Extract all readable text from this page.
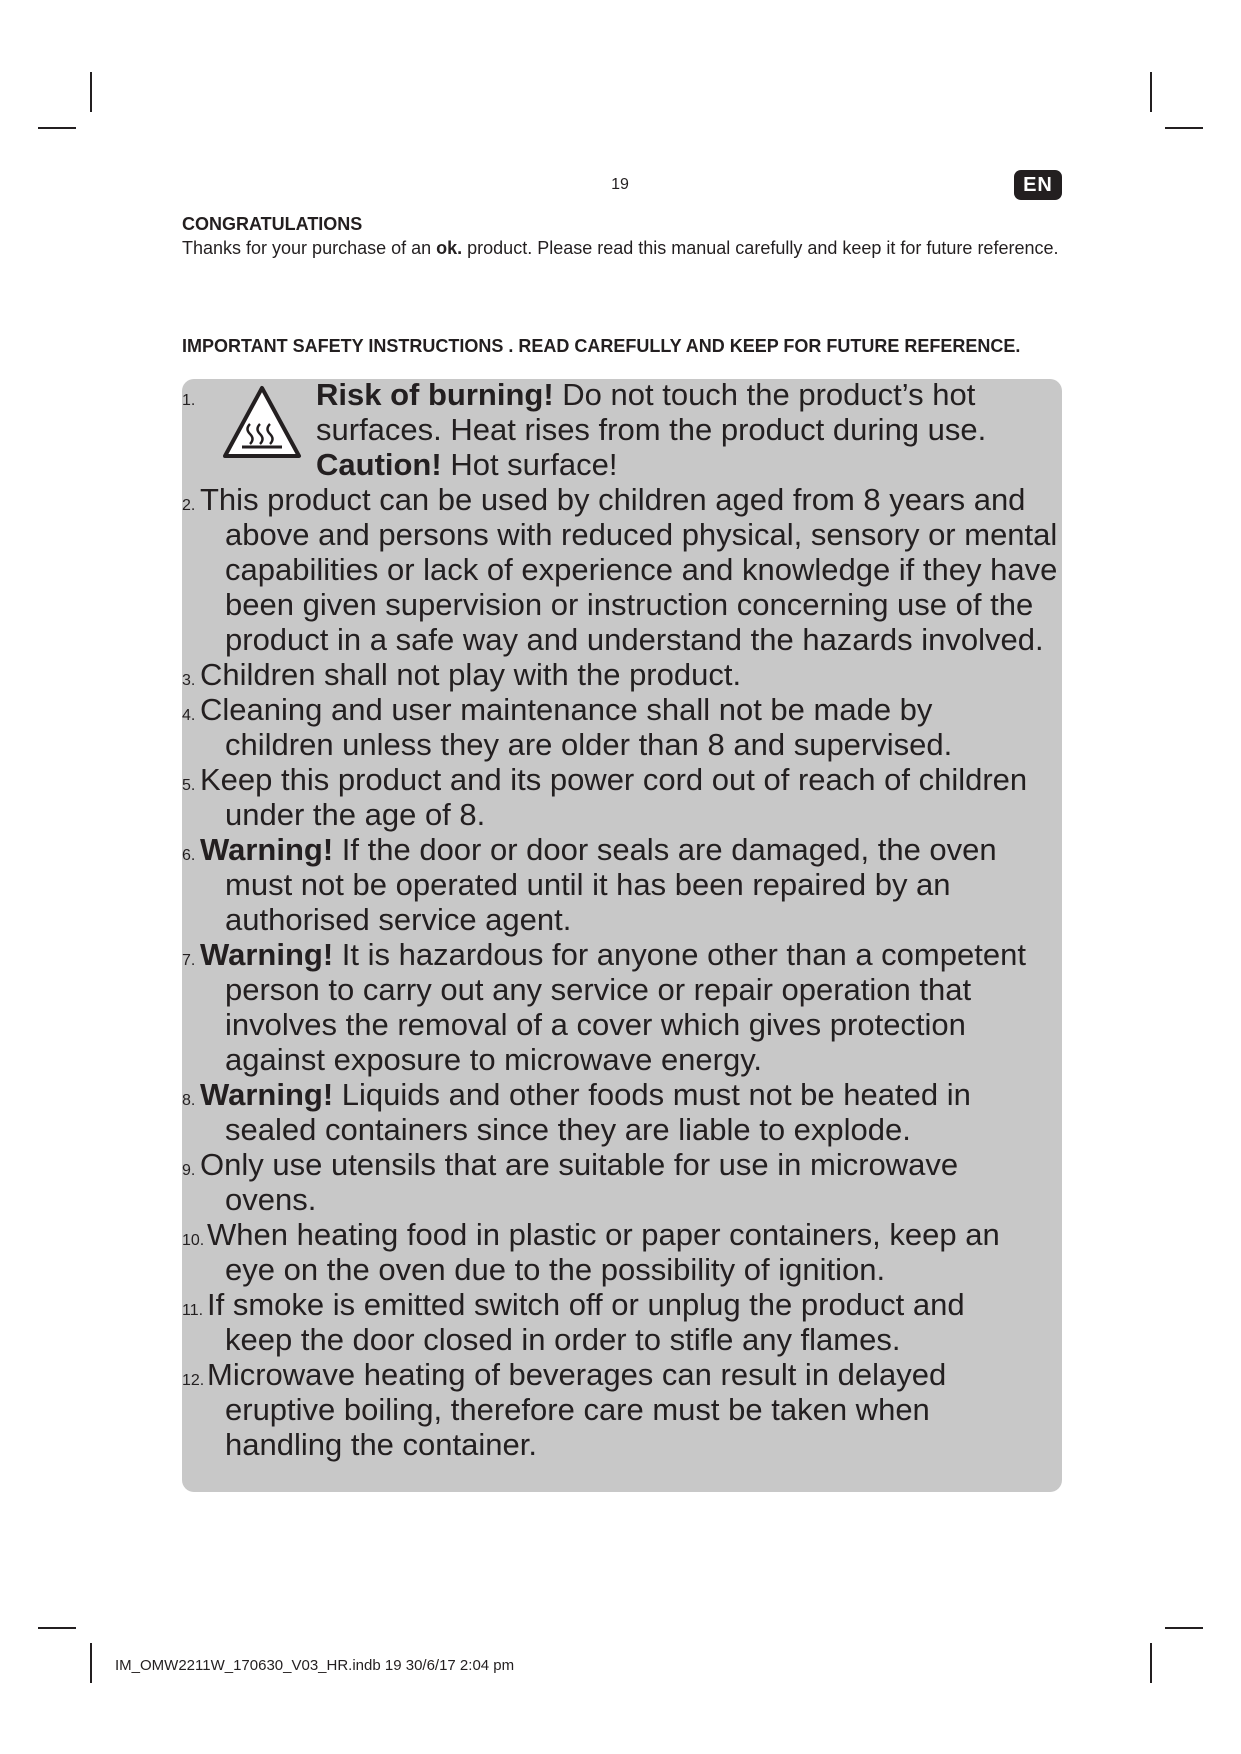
19	EN
CONGRATULATIONS
Thanks for your purchase of an ok. product. Please read this manual carefully and keep it for future reference.
IMPORTANT SAFETY INSTRUCTIONS . READ CAREFULLY AND KEEP FOR FUTURE REFERENCE.
1.	Risk of burning! Do not touch the product’s hot
surfaces. Heat rises from the product during use.
Caution! Hot surface!
2. This product can be used by children aged from 8 years and
above and persons with reduced physical, sensory or mental
capabilities or lack of experience and knowledge if they have
been given supervision or instruction concerning use of the
product in a safe way and understand the hazards involved.
3. Children shall not play with the product.
4. Cleaning and user maintenance shall not be made by
children unless they are older than 8 and supervised.
5. Keep this product and its power cord out of reach of children
under the age of 8.
6. Warning! If the door or door seals are damaged, the oven
must not be operated until it has been repaired by an
authorised service agent.
7. Warning! It is hazardous for anyone other than a competent
person to carry out any service or repair operation that
involves the removal of a cover which gives protection
against exposure to microwave energy.
8. Warning! Liquids and other foods must not be heated in
sealed containers since they are liable to explode.
9. Only use utensils that are suitable for use in microwave
ovens.
10. When heating food in plastic or paper containers, keep an
eye on the oven due to the possibility of ignition.
11. If smoke is emitted switch off or unplug the product and
keep the door closed in order to stifle any flames.
12. Microwave heating of beverages can result in delayed
eruptive boiling, therefore care must be taken when
handling the container.
IM_OMW2211W_170630_V03_HR.indb 19 30/6/17 2:04 pm
